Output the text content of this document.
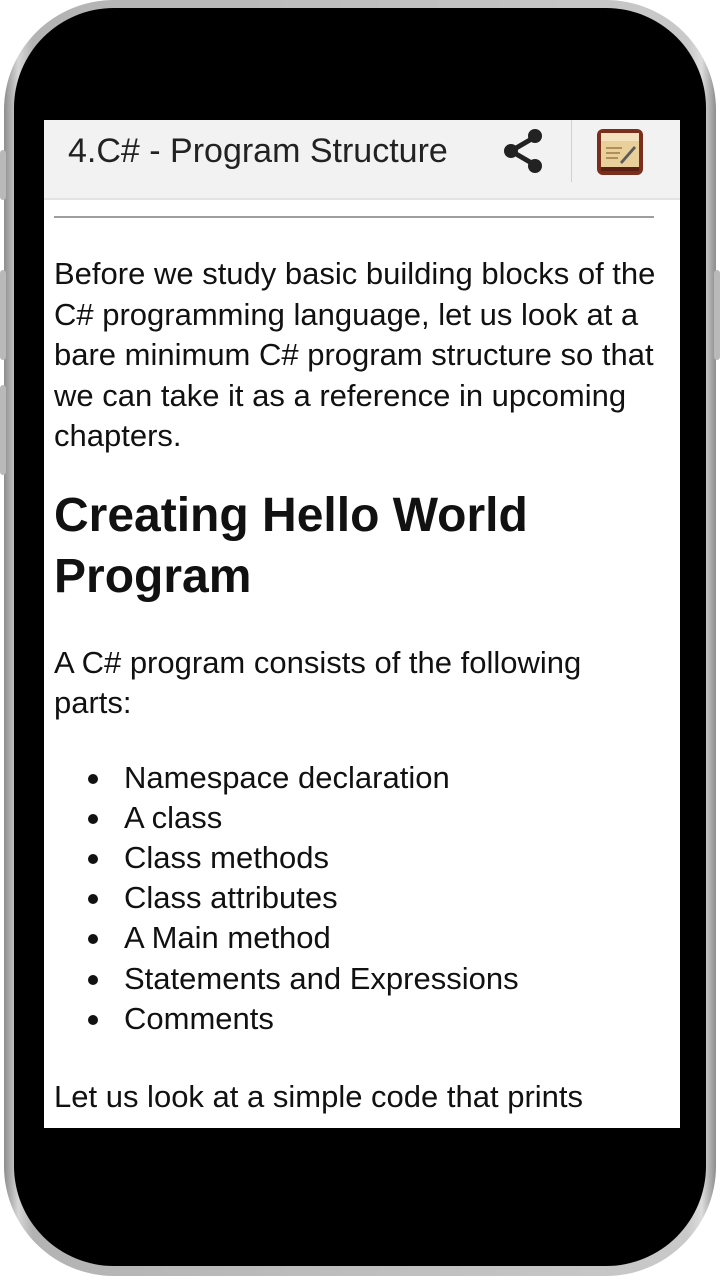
4.C# - Program Structure

Before we study basic building blocks of the C# programming language, let us look at a bare minimum C# program structure so that we can take it as a reference in upcoming chapters.

Creating Hello World Program

A C# program consists of the following parts:

Namespace declaration
A class
Class methods
Class attributes
A Main method
Statements and Expressions
Comments

Let us look at a simple code that prints
